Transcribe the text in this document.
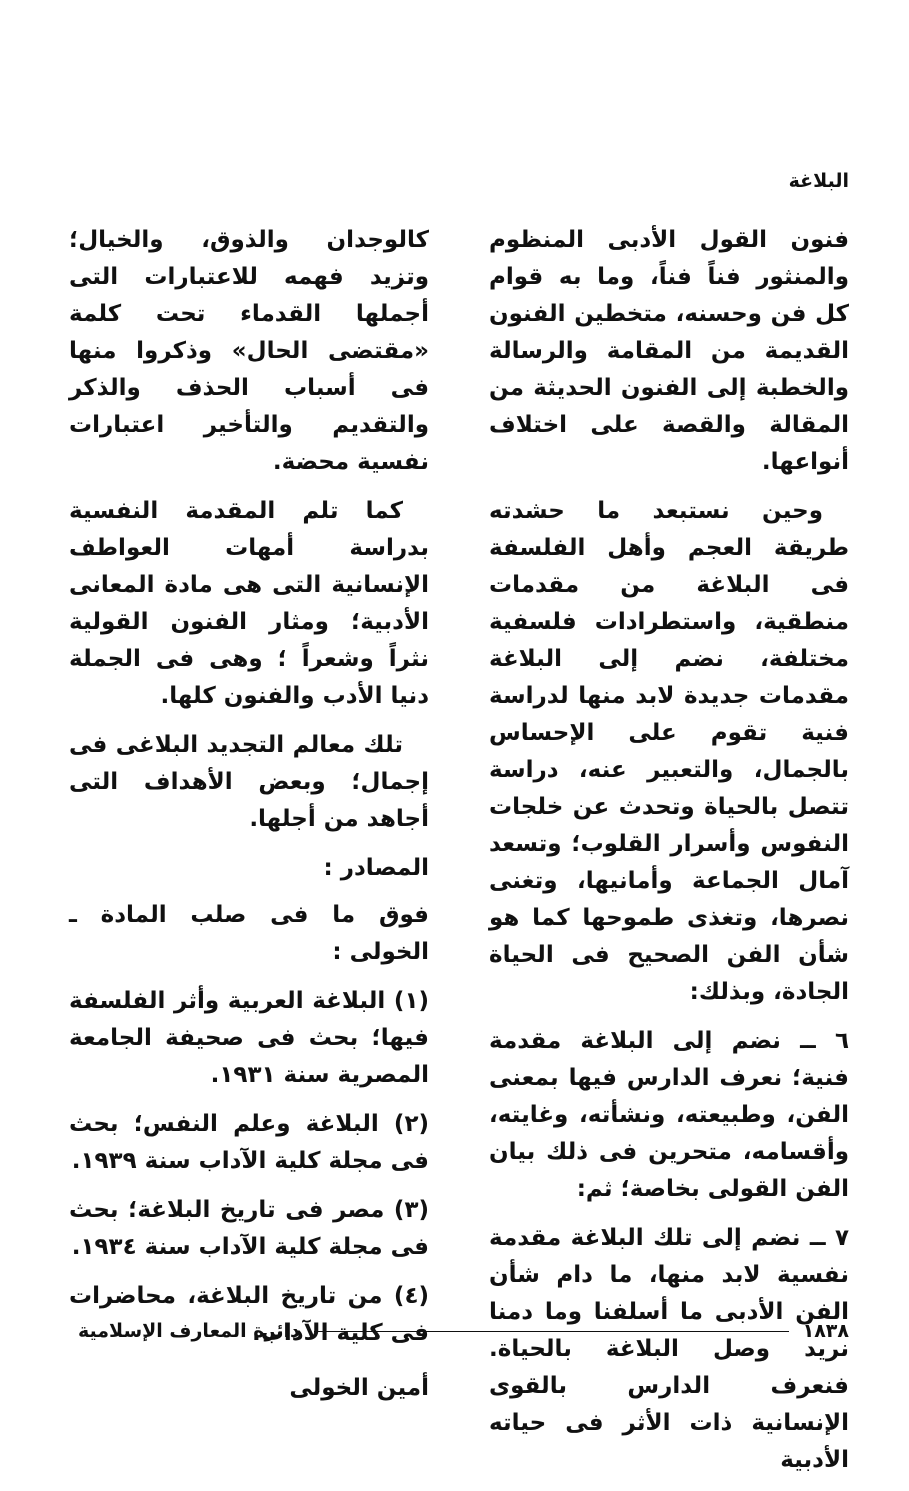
البلاغة

فنون القول الأدبى المنظوم والمنثور فناً فناً، وما به قوام كل فن وحسنه، متخطين الفنون القديمة من المقامة والرسالة والخطبة إلى الفنون الحديثة من المقالة والقصة على اختلاف أنواعها.

وحين نستبعد ما حشدته طريقة العجم وأهل الفلسفة فى البلاغة من مقدمات منطقية، واستطرادات فلسفية مختلفة، نضم إلى البلاغة مقدمات جديدة لابد منها لدراسة فنية تقوم على الإحساس بالجمال، والتعبير عنه، دراسة تتصل بالحياة وتحدث عن خلجات النفوس وأسرار القلوب؛ وتسعد آمال الجماعة وأمانيها، وتغنى نصرها، وتغذى طموحها كما هو شأن الفن الصحيح فى الحياة الجادة، وبذلك:

٦ ــ نضم إلى البلاغة مقدمة فنية؛ نعرف الدارس فيها بمعنى الفن، وطبيعته، ونشأته، وغايته، وأقسامه، متحرين فى ذلك بيان الفن القولى بخاصة؛ ثم:

٧ ــ نضم إلى تلك البلاغة مقدمة نفسية لابد منها، ما دام شأن الفن الأدبى ما أسلفنا وما دمنا نريد وصل البلاغة بالحياة. فنعرف الدارس بالقوى الإنسانية ذات الأثر فى حياته الأدبية

كالوجدان والذوق، والخيال؛ وتزيد فهمه للاعتبارات التى أجملها القدماء تحت كلمة «مقتضى الحال» وذكروا منها فى أسباب الحذف والذكر والتقديم والتأخير اعتبارات نفسية محضة.

كما تلم المقدمة النفسية بدراسة أمهات العواطف الإنسانية التى هى مادة المعانى الأدبية؛ ومثار الفنون القولية نثراً وشعراً ؛ وهى فى الجملة دنيا الأدب والفنون كلها.

تلك معالم التجديد البلاغى فى إجمال؛ وبعض الأهداف التى أجاهد من أجلها.

المصادر :

فوق ما فى صلب المادة ـ الخولى :

(١) البلاغة العربية وأثر الفلسفة فيها؛ بحث فى صحيفة الجامعة المصرية سنة ١٩٣١.

(٢) البلاغة وعلم النفس؛ بحث فى مجلة كلية الآداب سنة ١٩٣٩.

(٣) مصر فى تاريخ البلاغة؛ بحث فى مجلة كلية الآداب سنة ١٩٣٤.

(٤) من تاريخ البلاغة، محاضرات فى كلية الآداب.

أمين الخولى

١٨٣٨
دائرة المعارف الإسلامية
